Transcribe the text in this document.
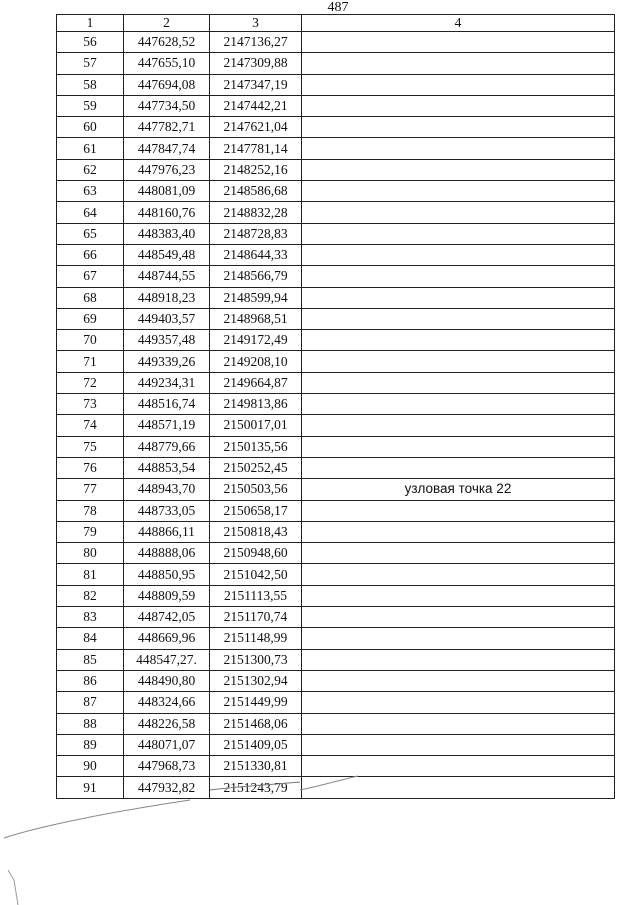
487
1	2	3	4
56	447628,52	2147136,27	
57	447655,10	2147309,88	
58	447694,08	2147347,19	
59	447734,50	2147442,21	
60	447782,71	2147621,04	
61	447847,74	2147781,14	
62	447976,23	2148252,16	
63	448081,09	2148586,68	
64	448160,76	2148832,28	
65	448383,40	2148728,83	
66	448549,48	2148644,33	
67	448744,55	2148566,79	
68	448918,23	2148599,94	
69	449403,57	2148968,51	
70	449357,48	2149172,49	
71	449339,26	2149208,10	
72	449234,31	2149664,87	
73	448516,74	2149813,86	
74	448571,19	2150017,01	
75	448779,66	2150135,56	
76	448853,54	2150252,45	
77	448943,70	2150503,56	узловая точка 22
78	448733,05	2150658,17	
79	448866,11	2150818,43	
80	448888,06	2150948,60	
81	448850,95	2151042,50	
82	448809,59	2151113,55	
83	448742,05	2151170,74	
84	448669,96	2151148,99	
85	448547,27.	2151300,73	
86	448490,80	2151302,94	
87	448324,66	2151449,99	
88	448226,58	2151468,06	
89	448071,07	2151409,05	
90	447968,73	2151330,81	
91	447932,82	2151243,79	
